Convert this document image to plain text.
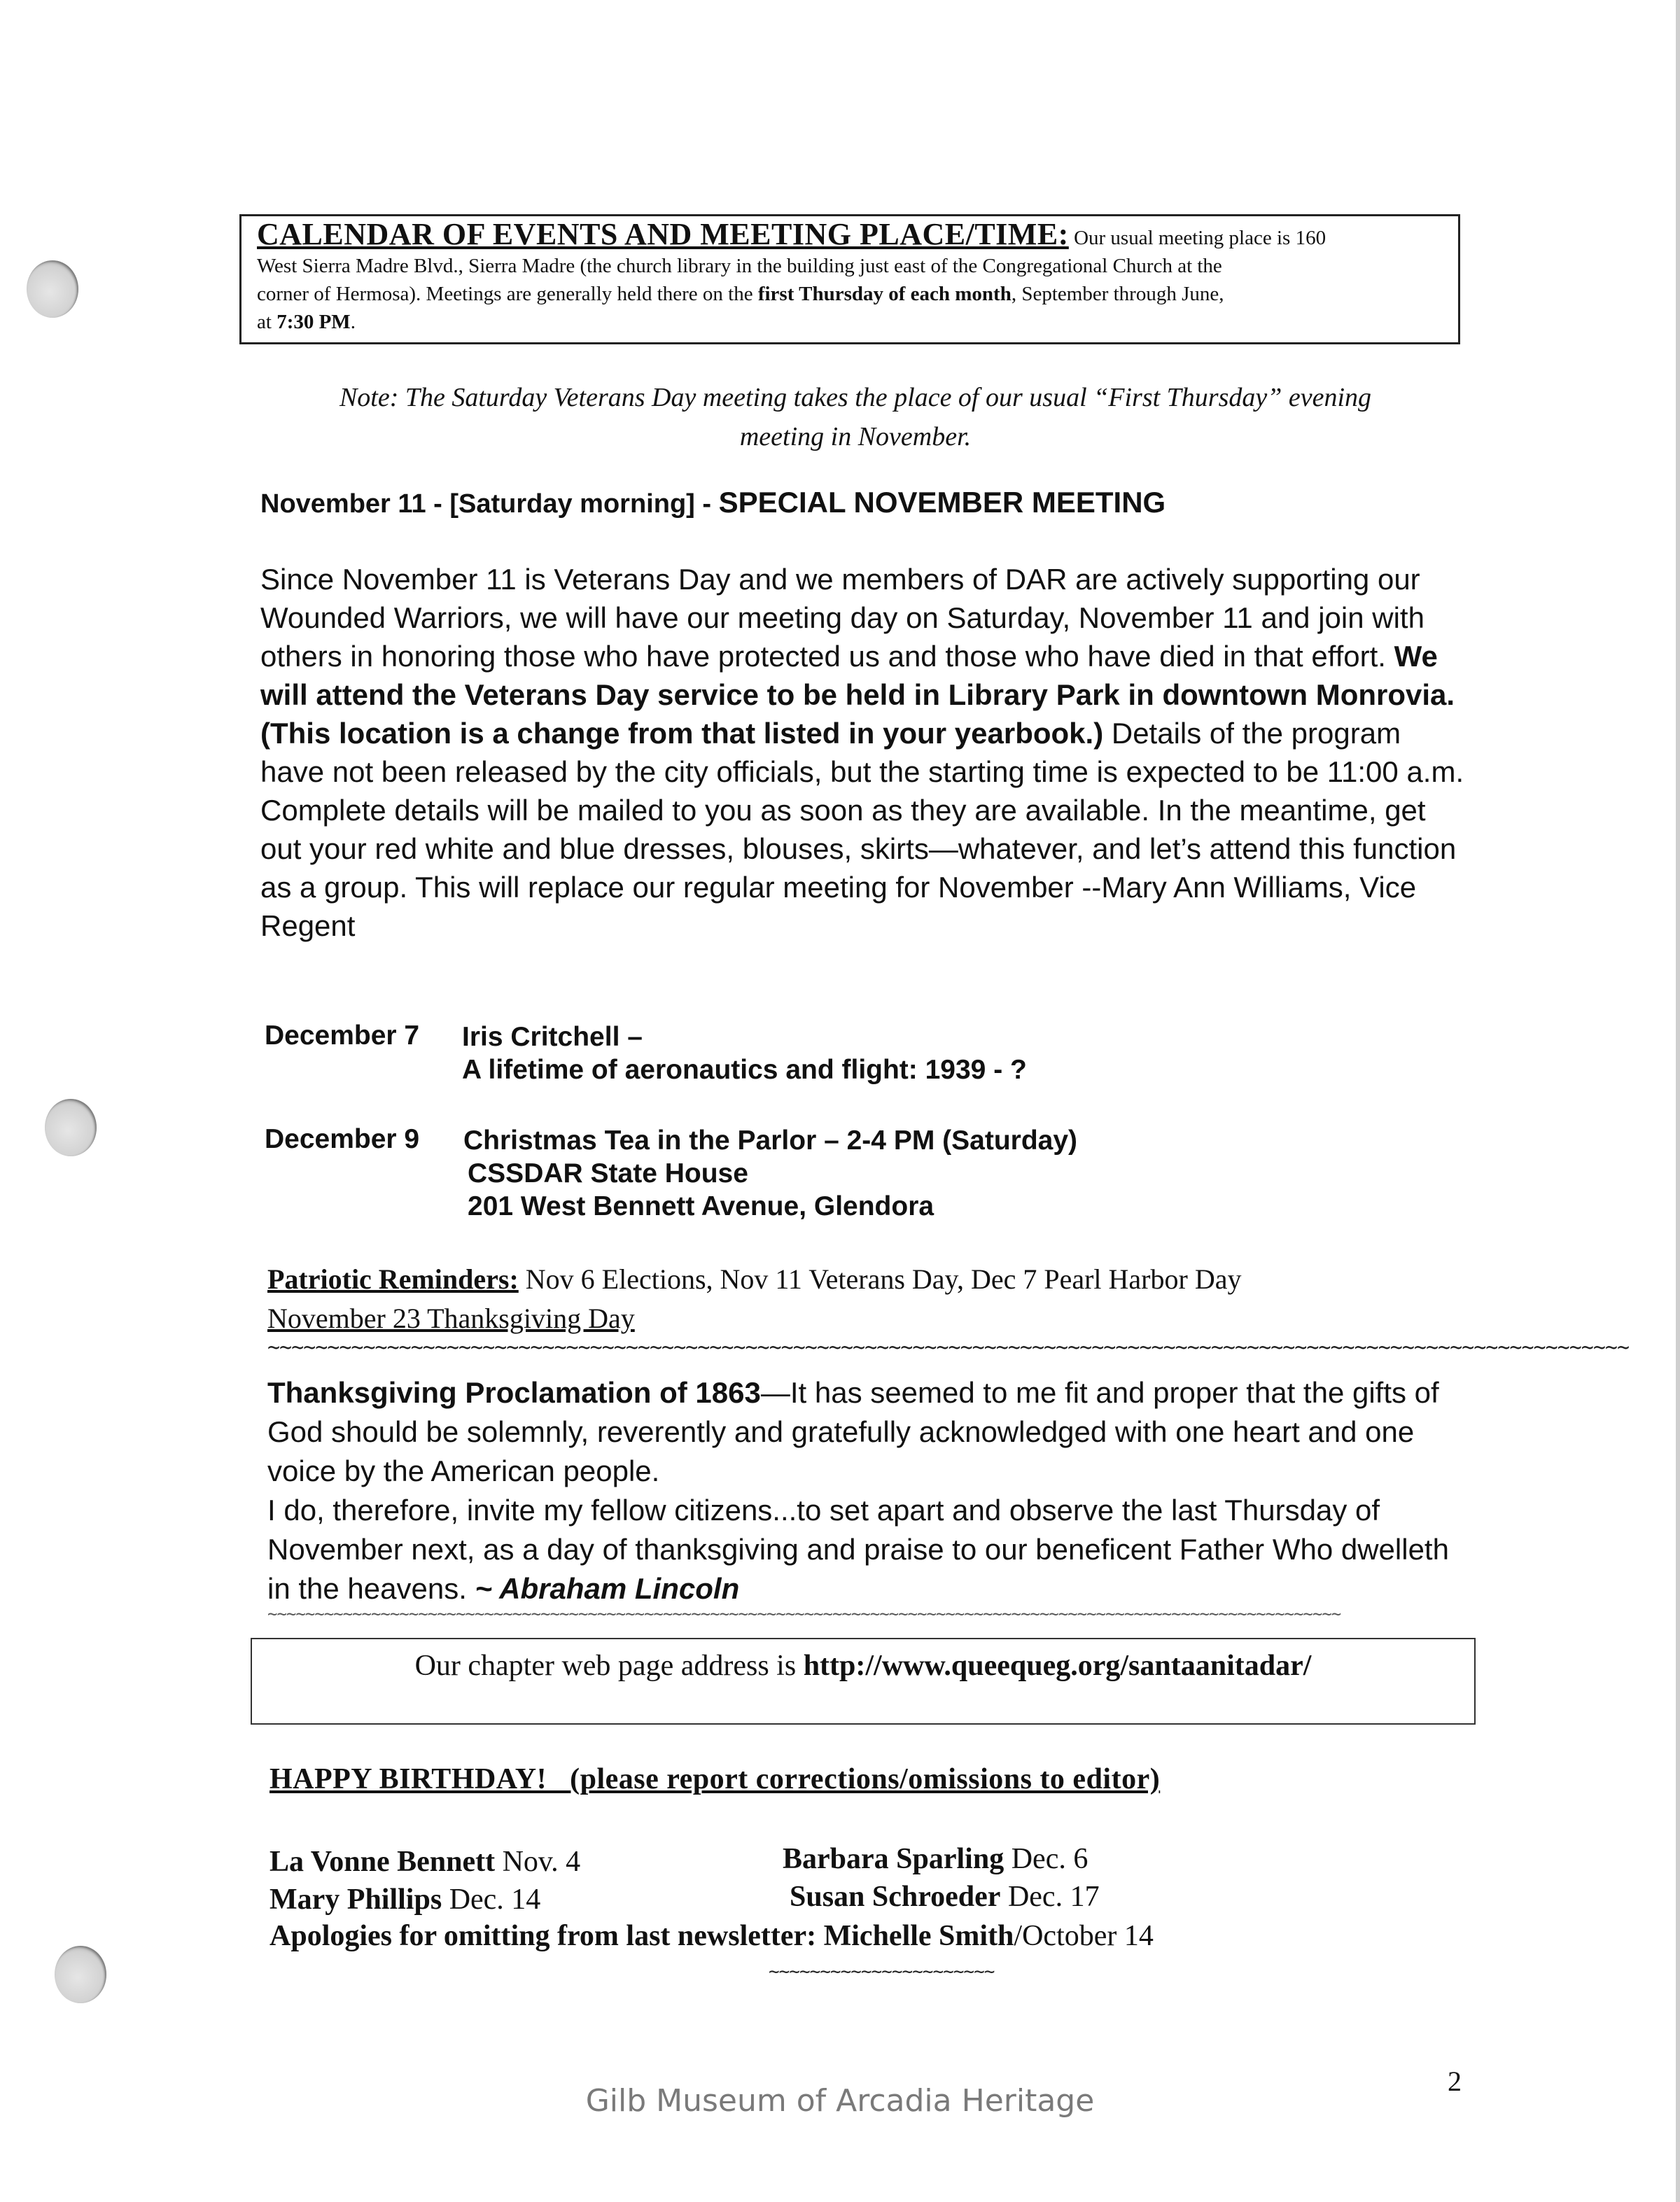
CALENDAR OF EVENTS AND MEETING PLACE/TIME: Our usual meeting place is 160
West Sierra Madre Blvd., Sierra Madre (the church library in the building just east of the Congregational Church at the
corner of Hermosa). Meetings are generally held there on the first Thursday of each month, September through June,
at 7:30 PM.
Note: The Saturday Veterans Day meeting takes the place of our usual “First Thursday” evening
meeting in November.
November 11 - [Saturday morning] - SPECIAL NOVEMBER MEETING
Since November 11 is Veterans Day and we members of DAR are actively supporting our Wounded Warriors, we will have our meeting day on Saturday, November 11 and join with others in honoring those who have protected us and those who have died in that effort. We will attend the Veterans Day service to be held in Library Park in downtown Monrovia. (This location is a change from that listed in your yearbook.) Details of the program have not been released by the city officials, but the starting time is expected to be 11:00 a.m. Complete details will be mailed to you as soon as they are available. In the meantime, get out your red white and blue dresses, blouses, skirts—whatever, and let’s attend this function as a group. This will replace our regular meeting for November --Mary Ann Williams, Vice Regent
December 7 Iris Critchell –
A lifetime of aeronautics and flight: 1939 - ?
December 9 Christmas Tea in the Parlor – 2-4 PM (Saturday)
CSSDAR State House
201 West Bennett Avenue, Glendora
Patriotic Reminders: Nov 6 Elections, Nov 11 Veterans Day, Dec 7 Pearl Harbor Day
November 23 Thanksgiving Day
~~~~~~~~~~~~~~~~~~~~~~~~~~~~~~~~~~~~~~~~~~~~~~~~~~~~~~~~~~~~~~~~~~~~~~~~~~~~~~~~~~~~~~~~~~~~~~~~~~~~~~~~~~~~~~~~~~
Thanksgiving Proclamation of 1863—It has seemed to me fit and proper that the gifts of God should be solemnly, reverently and gratefully acknowledged with one heart and one voice by the American people.
I do, therefore, invite my fellow citizens...to set apart and observe the last Thursday of November next, as a day of thanksgiving and praise to our beneficent Father Who dwelleth in the heavens. ~ Abraham Lincoln
~~~~~~~~~~~~~~~~~~~~~~~~~~~~~~~~~~~~~~~~~~~~~~~~~~~~~~~~~~~~~~~~~~~~~~~~~~~~~~~~~~~~~~~~~~~~~~~~~~~~~~~~~~~~~~~~~~
Our chapter web page address is http://www.queequeg.org/santaanitadar/
HAPPY BIRTHDAY!   (please report corrections/omissions to editor)
La Vonne Bennett Nov. 4	Barbara Sparling Dec. 6
Mary Phillips Dec. 14	Susan Schroeder Dec. 17
Apologies for omitting from last newsletter: Michelle Smith/October 14
~~~~~~~~~~~~~~~~~~~~~~
2
Gilb Museum of Arcadia Heritage
